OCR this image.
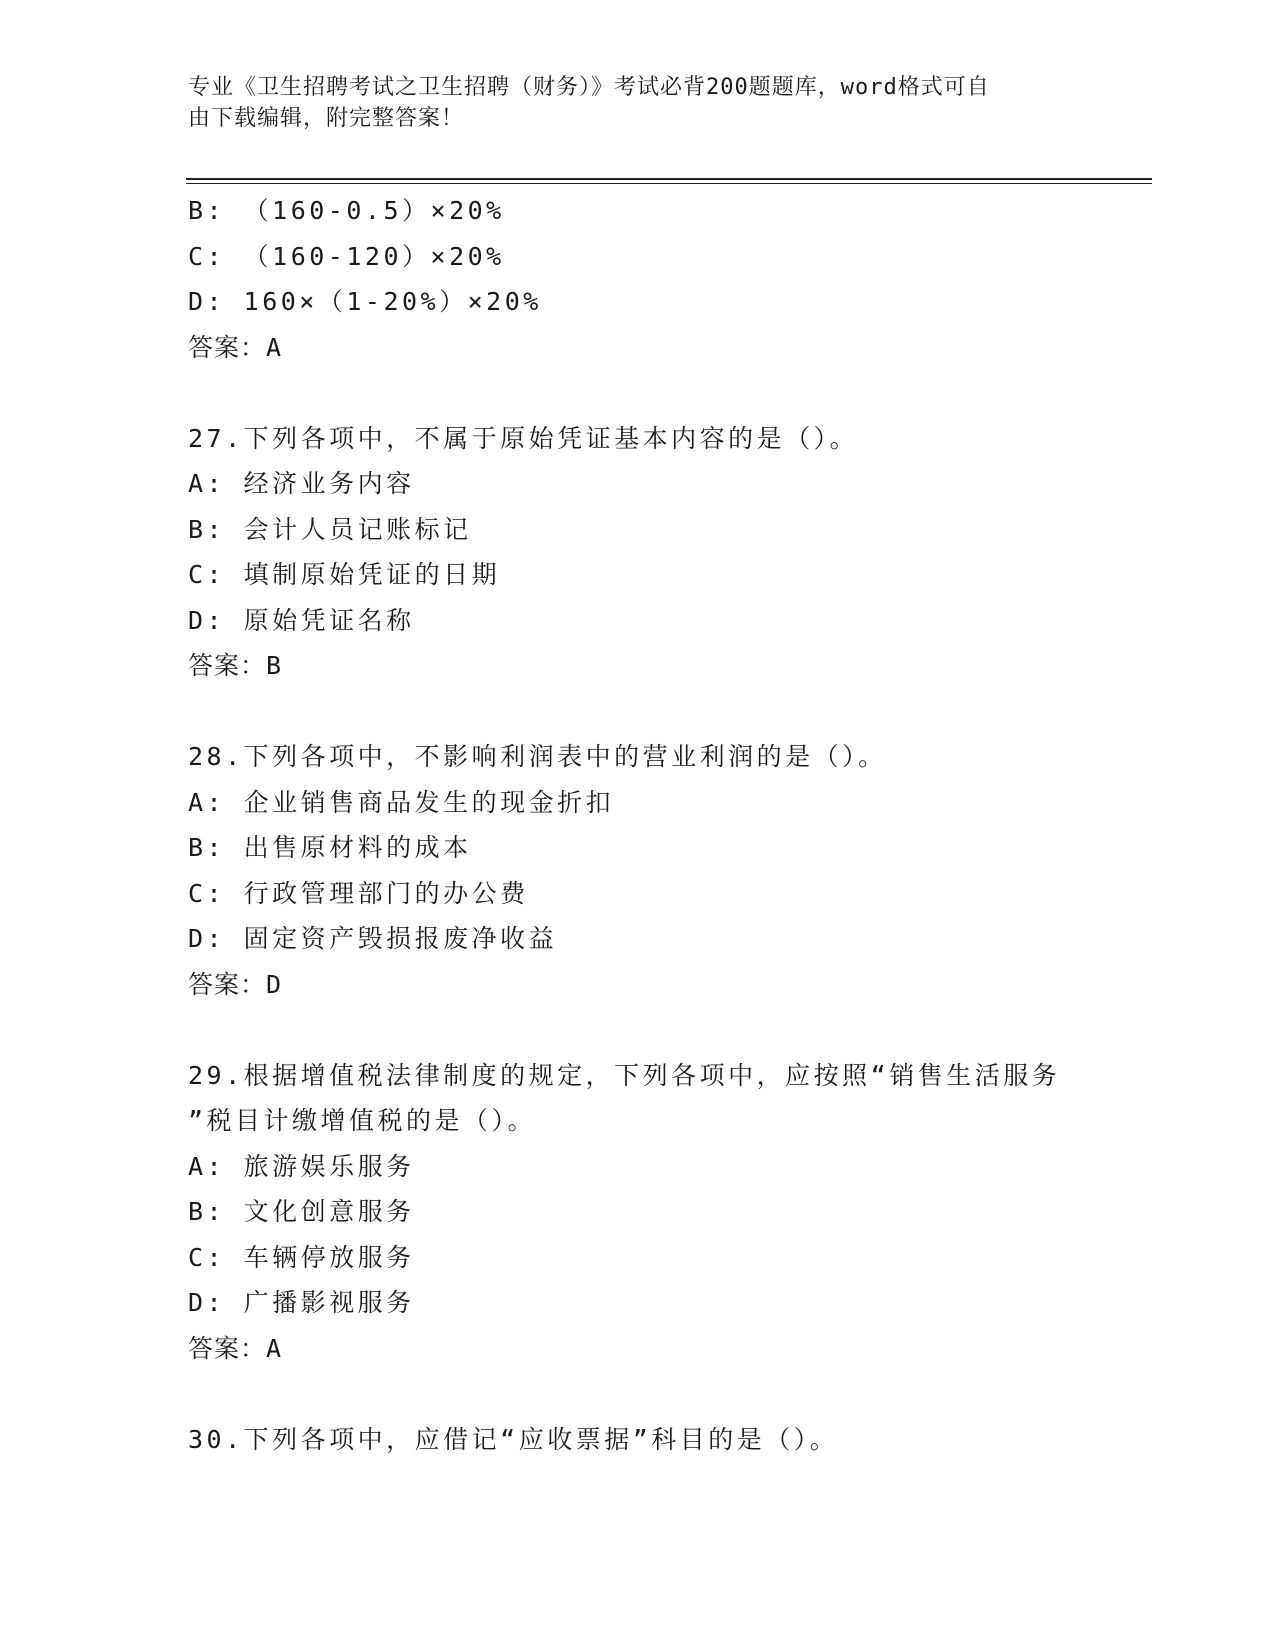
专业《卫生招聘考试之卫生招聘（财务）》考试必背200题题库，word格式可自
由下载编辑，附完整答案！
B: （160-0.5）×20%
C: （160-120）×20%
D: 160×（1-20%）×20%
答案：A
27.下列各项中，不属于原始凭证基本内容的是（）。
A: 经济业务内容
B: 会计人员记账标记
C: 填制原始凭证的日期
D: 原始凭证名称
答案：B
28.下列各项中，不影响利润表中的营业利润的是（）。
A: 企业销售商品发生的现金折扣
B: 出售原材料的成本
C: 行政管理部门的办公费
D: 固定资产毁损报废净收益
答案：D
29.根据增值税法律制度的规定，下列各项中，应按照“销售生活服务
”税目计缴增值税的是（）。
A: 旅游娱乐服务
B: 文化创意服务
C: 车辆停放服务
D: 广播影视服务
答案：A
30.下列各项中，应借记“应收票据”科目的是（）。
